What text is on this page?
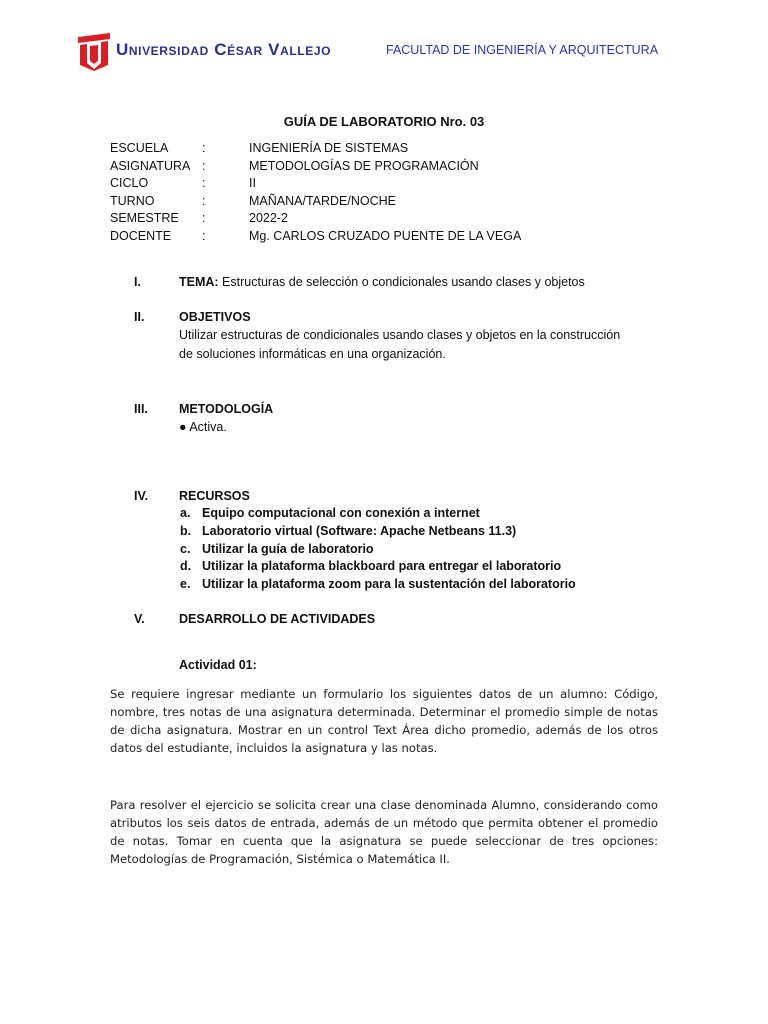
Universidad César Vallejo	FACULTAD DE INGENIERÍA Y ARQUITECTURA
GUÍA DE LABORATORIO Nro. 03
ESCUELA	:	INGENIERÍA DE SISTEMAS
ASIGNATURA :	METODOLOGÍAS DE PROGRAMACIÓN
CICLO	:	II
TURNO	:	MAÑANA/TARDE/NOCHE
SEMESTRE :	2022-2
DOCENTE :	Mg. CARLOS CRUZADO PUENTE DE LA VEGA
I.	TEMA: Estructuras de selección o condicionales usando clases y objetos
II.	OBJETIVOS
Utilizar estructuras de condicionales usando clases y objetos en la construcción
de soluciones informáticas en una organización.
III. METODOLOGÍA
● Activa.
IV. RECURSOS
a. Equipo computacional con conexión a internet
b. Laboratorio virtual (Software: Apache Netbeans 11.3)
c. Utilizar la guía de laboratorio
d. Utilizar la plataforma blackboard para entregar el laboratorio
e. Utilizar la plataforma zoom para la sustentación del laboratorio
V.	DESARROLLO DE ACTIVIDADES
Actividad 01:
Se requiere ingresar mediante un formulario los siguientes datos de un alumno: Código, nombre, tres notas de una asignatura determinada. Determinar el promedio simple de notas de dicha asignatura. Mostrar en un control Text Área dicho promedio, además de los otros datos del estudiante, incluidos la asignatura y las notas.
Para resolver el ejercicio se solicita crear una clase denominada Alumno, considerando como atributos los seis datos de entrada, además de un método que permita obtener el promedio de notas. Tomar en cuenta que la asignatura se puede seleccionar de tres opciones: Metodologías de Programación, Sistémica o Matemática II.
